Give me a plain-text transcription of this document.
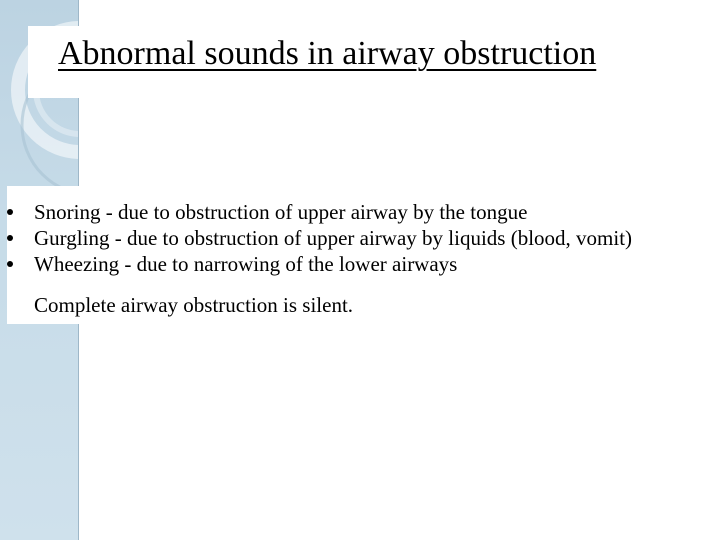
Abnormal sounds in airway obstruction
Snoring - due to obstruction of upper airway by the tongue
Gurgling - due to obstruction of upper airway by liquids (blood, vomit)
Wheezing - due to narrowing of the lower airways

Complete airway obstruction is silent.
